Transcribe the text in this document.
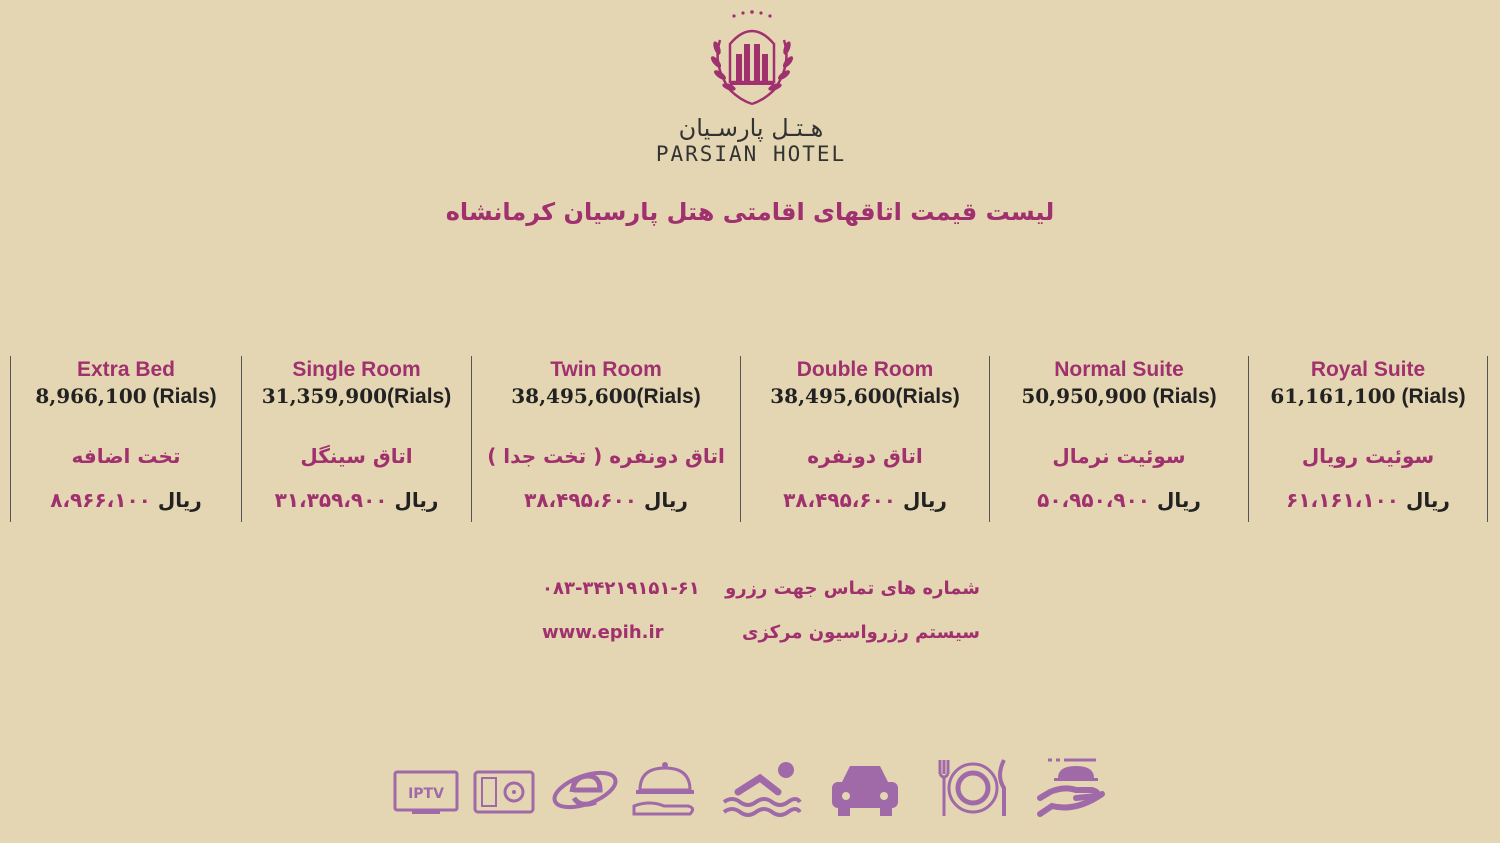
هـتـل پارسـيان
PARSIAN HOTEL
لیست قیمت اتاقهای اقامتی هتل پارسیان کرمانشاه
Extra Bed
8,966,100 (Rials)
تخت اضافه
ریال ۸،۹۶۶،۱۰۰
Single Room
31,359,900(Rials)
اتاق سینگل
ریال ۳۱،۳۵۹،۹۰۰
Twin Room
38,495,600(Rials)
اتاق دونفره ( تخت جدا )
ریال ۳۸،۴۹۵،۶۰۰
Double Room
38,495,600(Rials)
اتاق دونفره
ریال ۳۸،۴۹۵،۶۰۰
Normal Suite
50,950,900 (Rials)
سوئیت نرمال
ریال ۵۰،۹۵۰،۹۰۰
Royal Suite
61,161,100 (Rials)
سوئیت رویال
ریال ۶۱،۱۶۱،۱۰۰
شماره های تماس جهت رزرو
۰۸۳-۳۴۲۱۹۱۵۱-۶۱
سیستم رزرواسیون مرکزی
www.epih.ir
IPTV
